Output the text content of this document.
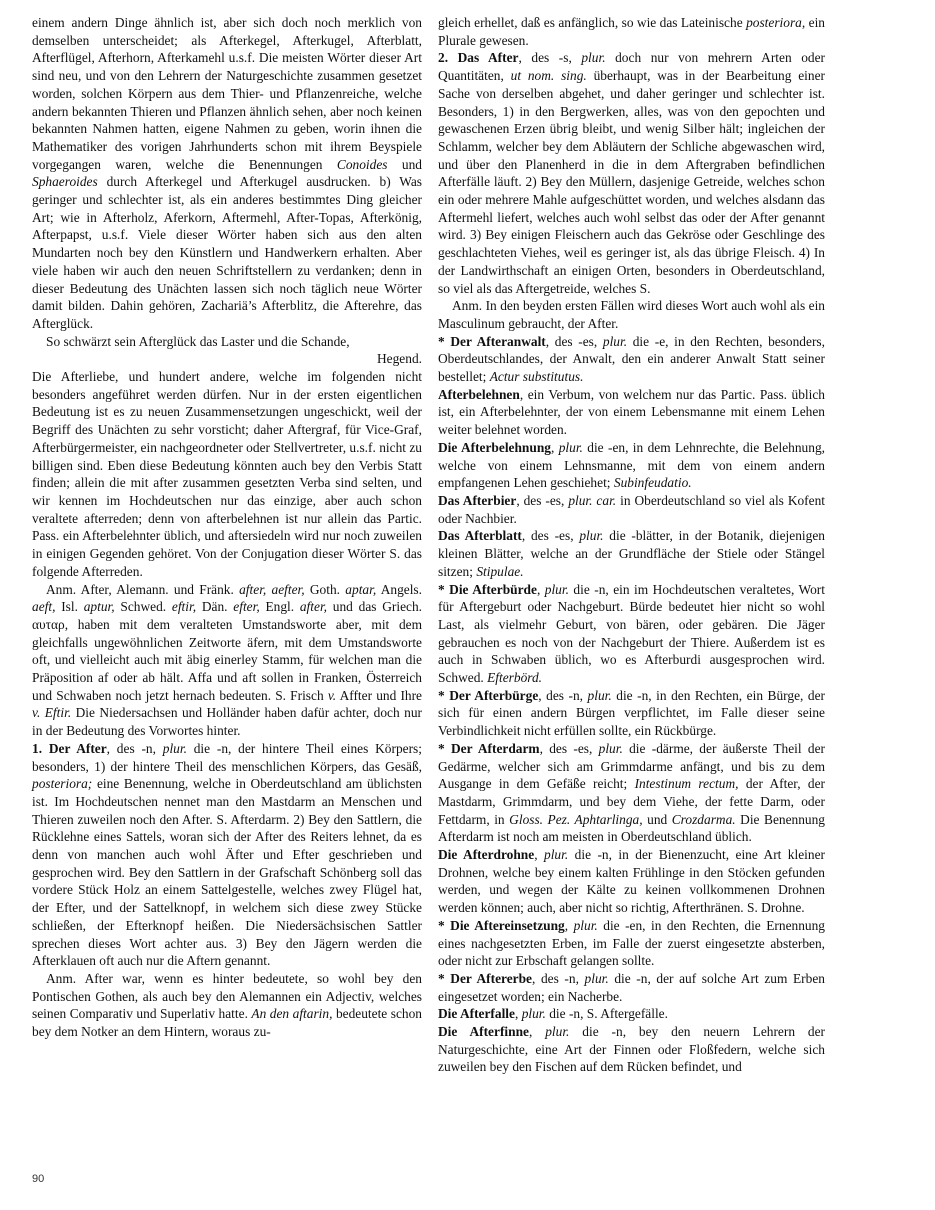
einem andern Dinge ähnlich ist, aber sich doch noch merklich von demselben unterscheidet; als Afterkegel, Afterkugel, Afterblatt, Afterflügel, Afterhorn, Afterkamehl u.s.f. Die meisten Wörter dieser Art sind neu, und von den Lehrern der Naturgeschichte zusammen gesetzet worden, solchen Körpern aus dem Thier- und Pflanzenreiche, welche andern bekannten Thieren und Pflanzen ähnlich sehen, aber noch keinen bekannten Nahmen hatten, eigene Nahmen zu geben, worin ihnen die Mathematiker des vorigen Jahrhunderts schon mit ihrem Beyspiele vorgegangen waren, welche die Benennungen Conoides und Sphaeroides durch Afterkegel und Afterkugel ausdrucken. b) Was geringer und schlechter ist, als ein anderes bestimmtes Ding gleicher Art; wie in Afterholz, Aferkorn, Aftermehl, After-Topas, Afterkönig, Afterpapst, u.s.f. Viele dieser Wörter haben sich aus den alten Mundarten noch bey den Künstlern und Handwerkern erhalten. Aber viele haben wir auch den neuen Schriftstellern zu verdanken; denn in dieser Bedeutung des Unächten lassen sich noch täglich neue Wörter damit bilden. Dahin gehören, Zachariä’s Afterblitz, die Afterehre, das Afterglück.

So schwärzt sein Afterglück das Laster und die Schande,

Hegend.

Die Afterliebe, und hundert andere, welche im folgenden nicht besonders angeführet werden dürfen. Nur in der ersten eigentlichen Bedeutung ist es zu neuen Zusammensetzungen ungeschickt, weil der Begriff des Unächten zu sehr vorsticht; daher Aftergraf, für Vice-Graf, Afterbürgermeister, ein nachgeordneter oder Stellvertreter, u.s.f. nicht zu billigen sind. Eben diese Bedeutung könnten auch bey den Verbis Statt finden; allein die mit after zusammen gesetzten Verba sind selten, und wir kennen im Hochdeutschen nur das einzige, aber auch schon veraltete afterreden; denn von afterbelehnen ist nur allein das Partic. Pass. ein Afterbelehnter üblich, und aftersiedeln wird nur noch zuweilen in einigen Gegenden gehöret. Von der Conjugation dieser Wörter S. das folgende Afterreden.

Anm. After, Alemann. und Fränk. after, aefter, Goth. aptar, Angels. aeft, Isl. aptur, Schwed. eftir, Dän. efter, Engl. after, und das Griech. αυταρ, haben mit dem veralteten Umstandsworte aber, mit dem gleichfalls ungewöhnlichen Zeitworte äfern, mit dem Umstandsworte oft, und vielleicht auch mit äbig einerley Stamm, für welchen man die Präposition af oder ab hält. Affa und aft sollen in Franken, Österreich und Schwaben noch jetzt hernach bedeuten. S. Frisch v. Affter und Ihre v. Eftir. Die Niedersachsen und Holländer haben dafür achter, doch nur in der Bedeutung des Vorwortes hinter.

1. Der After, des -n, plur. die -n, der hintere Theil eines Körpers; besonders, 1) der hintere Theil des menschlichen Körpers, das Gesäß, posteriora; eine Benennung, welche in Oberdeutschland am üblichsten ist. Im Hochdeutschen nennet man den Mastdarm an Menschen und Thieren zuweilen noch den After. S. Afterdarm. 2) Bey den Sattlern, die Rücklehne eines Sattels, woran sich der After des Reiters lehnet, da es denn von manchen auch wohl Äfter und Efter geschrieben und gesprochen wird. Bey den Sattlern in der Grafschaft Schönberg soll das vordere Stück Holz an einem Sattelgestelle, welches zwey Flügel hat, der Efter, und der Sattelknopf, in welchem sich diese zwey Stücke schließen, der Efterknopf heißen. Die Niedersächsischen Sattler sprechen dieses Wort achter aus. 3) Bey den Jägern werden die Afterklauen oft auch nur die Aftern genannt.

Anm. After war, wenn es hinter bedeutete, so wohl bey den Pontischen Gothen, als auch bey den Alemannen ein Adjectiv, welches seinen Comparativ und Superlativ hatte. An den aftarin, bedeutete schon bey dem Notker an dem Hintern, woraus zu-

gleich erhellet, daß es anfänglich, so wie das Lateinische posteriora, ein Plurale gewesen.

2. Das After, des -s, plur. doch nur von mehrern Arten oder Quantitäten, ut nom. sing. überhaupt, was in der Bearbeitung einer Sache von derselben abgehet, und daher geringer und schlechter ist. Besonders, 1) in den Bergwerken, alles, was von den gepochten und gewaschenen Erzen übrig bleibt, und wenig Silber hält; ingleichen der Schlamm, welcher bey dem Abläutern der Schliche abgewaschen wird, und über den Planenherd in die in dem Aftergraben befindlichen Afterfälle läuft. 2) Bey den Müllern, dasjenige Getreide, welches schon ein oder mehrere Mahle aufgeschüttet worden, und welches alsdann das Aftermehl liefert, welches auch wohl selbst das oder der After genannt wird. 3) Bey einigen Fleischern auch das Gekröse oder Geschlinge des geschlachteten Viehes, weil es geringer ist, als das übrige Fleisch. 4) In der Landwirthschaft an einigen Orten, besonders in Oberdeutschland, so viel als das Aftergetreide, welches S.

Anm. In den beyden ersten Fällen wird dieses Wort auch wohl als ein Masculinum gebraucht, der After.

* Der Afteranwalt, des -es, plur. die -e, in den Rechten, besonders, Oberdeutschlandes, der Anwalt, den ein anderer Anwalt Statt seiner bestellet; Actur substitutus.

Afterbelehnen, ein Verbum, von welchem nur das Partic. Pass. üblich ist, ein Afterbelehnter, der von einem Lebensmanne mit einem Lehen weiter belehnet worden.

Die Afterbelehnung, plur. die -en, in dem Lehnrechte, die Belehnung, welche von einem Lehnsmanne, mit dem von einem andern empfangenen Lehen geschiehet; Subinfeudatio.

Das Afterbier, des -es, plur. car. in Oberdeutschland so viel als Kofent oder Nachbier.

Das Afterblatt, des -es, plur. die -blätter, in der Botanik, diejenigen kleinen Blätter, welche an der Grundfläche der Stiele oder Stängel sitzen; Stipulae.

* Die Afterbürde, plur. die -n, ein im Hochdeutschen veraltetes, Wort für Aftergeburt oder Nachgeburt. Bürde bedeutet hier nicht so wohl Last, als vielmehr Geburt, von bären, oder gebären. Die Jäger gebrauchen es noch von der Nachgeburt der Thiere. Außerdem ist es auch in Schwaben üblich, wo es Afterburdi ausgesprochen wird. Schwed. Efterbörd.

* Der Afterbürge, des -n, plur. die -n, in den Rechten, ein Bürge, der sich für einen andern Bürgen verpflichtet, im Falle dieser seine Verbindlichkeit nicht erfüllen sollte, ein Rückbürge.

* Der Afterdarm, des -es, plur. die -därme, der äußerste Theil der Gedärme, welcher sich am Grimmdarme anfängt, und bis zu dem Ausgange in dem Gefäße reicht; Intestinum rectum, der After, der Mastdarm, Grimmdarm, und bey dem Viehe, der fette Darm, oder Fettdarm, in Gloss. Pez. Aphtarlinga, und Crozdarma. Die Benennung Afterdarm ist noch am meisten in Oberdeutschland üblich.

Die Afterdrohne, plur. die -n, in der Bienenzucht, eine Art kleiner Drohnen, welche bey einem kalten Frühlinge in den Stöcken gefunden werden, und wegen der Kälte zu keinen vollkommenen Drohnen werden können; auch, aber nicht so richtig, Afterthränen. S. Drohne.

* Die Aftereinsetzung, plur. die -en, in den Rechten, die Ernennung eines nachgesetzten Erben, im Falle der zuerst eingesetzte absterben, oder nicht zur Erbschaft gelangen sollte.

* Der Aftererbe, des -n, plur. die -n, der auf solche Art zum Erben eingesetzet worden; ein Nacherbe.

Die Afterfalle, plur. die -n, S. Aftergefälle.

Die Afterfinne, plur. die -n, bey den neuern Lehrern der Naturgeschichte, eine Art der Finnen oder Floßfedern, welche sich zuweilen bey den Fischen auf dem Rücken befindet, und

90
